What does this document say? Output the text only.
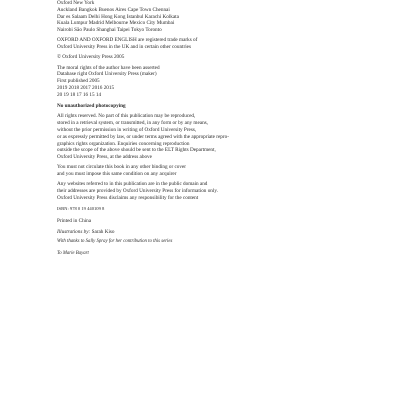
Oxford New York
Auckland Bangkok Buenos Aires Cape Town Chennai
Dar es Salaam Delhi Hong Kong Istanbul Karachi Kolkata
Kuala Lumpur Madrid Melbourne Mexico City Mumbai
Nairobi São Paulo Shanghai Taipei Tokyo Toronto
OXFORD AND OXFORD ENGLISH are registered trade marks of
Oxford University Press in the UK and in certain other countries
© Oxford University Press 2005
The moral rights of the author have been asserted
Database right Oxford University Press (maker)
First published 2005
2019 2018 2017 2016 2015
20 19 18 17 16 15 14
No unauthorized photocopying
All rights reserved. No part of this publication may be reproduced,
stored in a retrieval system, or transmitted, in any form or by any means,
without the prior permission in writing of Oxford University Press,
or as expressly permitted by law, or under terms agreed with the appropriate repro-
graphics rights organization. Enquiries concerning reproduction
outside the scope of the above should be sent to the ELT Rights Department,
Oxford University Press, at the address above
You must not circulate this book in any other binding or cover
and you must impose this same condition on any acquirer
Any websites referred to in this publication are in the public domain and
their addresses are provided by Oxford University Press for information only.
Oxford University Press disclaims any responsibility for the content
ISBN: 978 0 19 440109 8
Printed in China
Illustrations by: Sarah Kiso
With thanks to Sally Spray for her contribution to this series
To Marie Bayart
